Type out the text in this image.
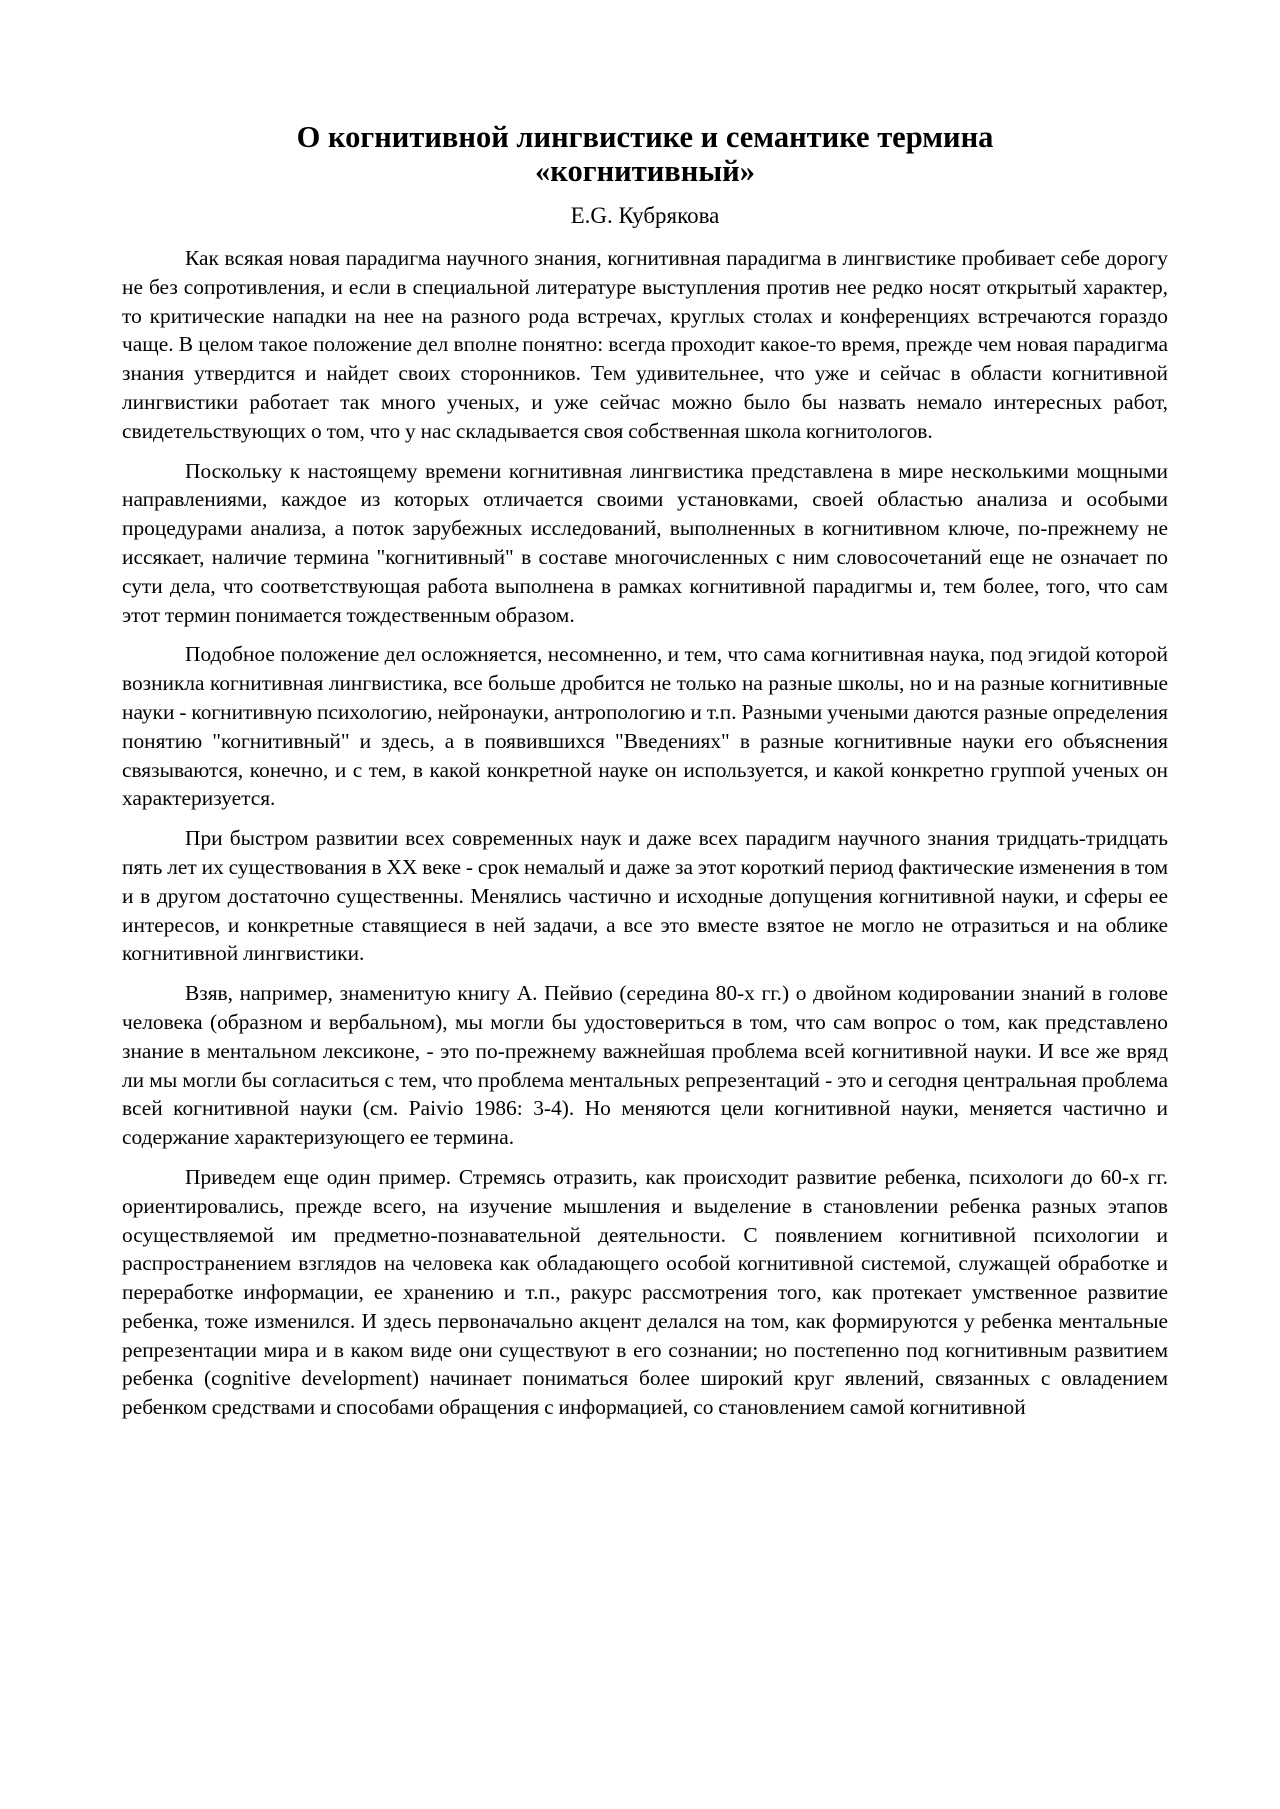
О когнитивной лингвистике и семантике термина
«когнитивный»
E.G. Кубрякова

Как всякая новая парадигма научного знания, когнитивная парадигма в лингвистике пробивает себе дорогу не без сопротивления, и если в специальной литературе выступления против нее редко носят открытый характер, то критические нападки на нее на разного рода встречах, круглых столах и конференциях встречаются гораздо чаще. В целом такое положение дел вполне понятно: всегда проходит какое-то время, прежде чем новая парадигма знания утвердится и найдет своих сторонников. Тем удивительнее, что уже и сейчас в области когнитивной лингвистики работает так много ученых, и уже сейчас можно было бы назвать немало интересных работ, свидетельствующих о том, что у нас складывается своя собственная школа когнитологов.

Поскольку к настоящему времени когнитивная лингвистика представлена в мире несколькими мощными направлениями, каждое из которых отличается своими установками, своей областью анализа и особыми процедурами анализа, а поток зарубежных исследований, выполненных в когнитивном ключе, по-прежнему не иссякает, наличие термина "когнитивный" в составе многочисленных с ним словосочетаний еще не означает по сути дела, что соответствующая работа выполнена в рамках когнитивной парадигмы и, тем более, того, что сам этот термин понимается тождественным образом.

Подобное положение дел осложняется, несомненно, и тем, что сама когнитивная наука, под эгидой которой возникла когнитивная лингвистика, все больше дробится не только на разные школы, но и на разные когнитивные науки - когнитивную психологию, нейронауки, антропологию и т.п. Разными учеными даются разные определения понятию "когнитивный" и здесь, а в появившихся "Введениях" в разные когнитивные науки его объяснения связываются, конечно, и с тем, в какой конкретной науке он используется, и какой конкретно группой ученых он характеризуется.

При быстром развитии всех современных наук и даже всех парадигм научного знания тридцать-тридцать пять лет их существования в XX веке - срок немалый и даже за этот короткий период фактические изменения в том и в другом достаточно существенны. Менялись частично и исходные допущения когнитивной науки, и сферы ее интересов, и конкретные ставящиеся в ней задачи, а все это вместе взятое не могло не отразиться и на облике когнитивной лингвистики.

Взяв, например, знаменитую книгу А. Пейвио (середина 80-х гг.) о двойном кодировании знаний в голове человека (образном и вербальном), мы могли бы удостовериться в том, что сам вопрос о том, как представлено знание в ментальном лексиконе, - это по-прежнему важнейшая проблема всей когнитивной науки. И все же вряд ли мы могли бы согласиться с тем, что проблема ментальных репрезентаций - это и сегодня центральная проблема всей когнитивной науки (см. Paivio 1986: 3-4). Но меняются цели когнитивной науки, меняется частично и содержание характеризующего ее термина.

Приведем еще один пример. Стремясь отразить, как происходит развитие ребенка, психологи до 60-х гг. ориентировались, прежде всего, на изучение мышления и выделение в становлении ребенка разных этапов осуществляемой им предметно-познавательной деятельности. С появлением когнитивной психологии и распространением взглядов на человека как обладающего особой когнитивной системой, служащей обработке и переработке информации, ее хранению и т.п., ракурс рассмотрения того, как протекает умственное развитие ребенка, тоже изменился. И здесь первоначально акцент делался на том, как формируются у ребенка ментальные репрезентации мира и в каком виде они существуют в его сознании; но постепенно под когнитивным развитием ребенка (cognitive development) начинает пониматься более широкий круг явлений, связанных с овладением ребенком средствами и способами обращения с информацией, со становлением самой когнитивной
